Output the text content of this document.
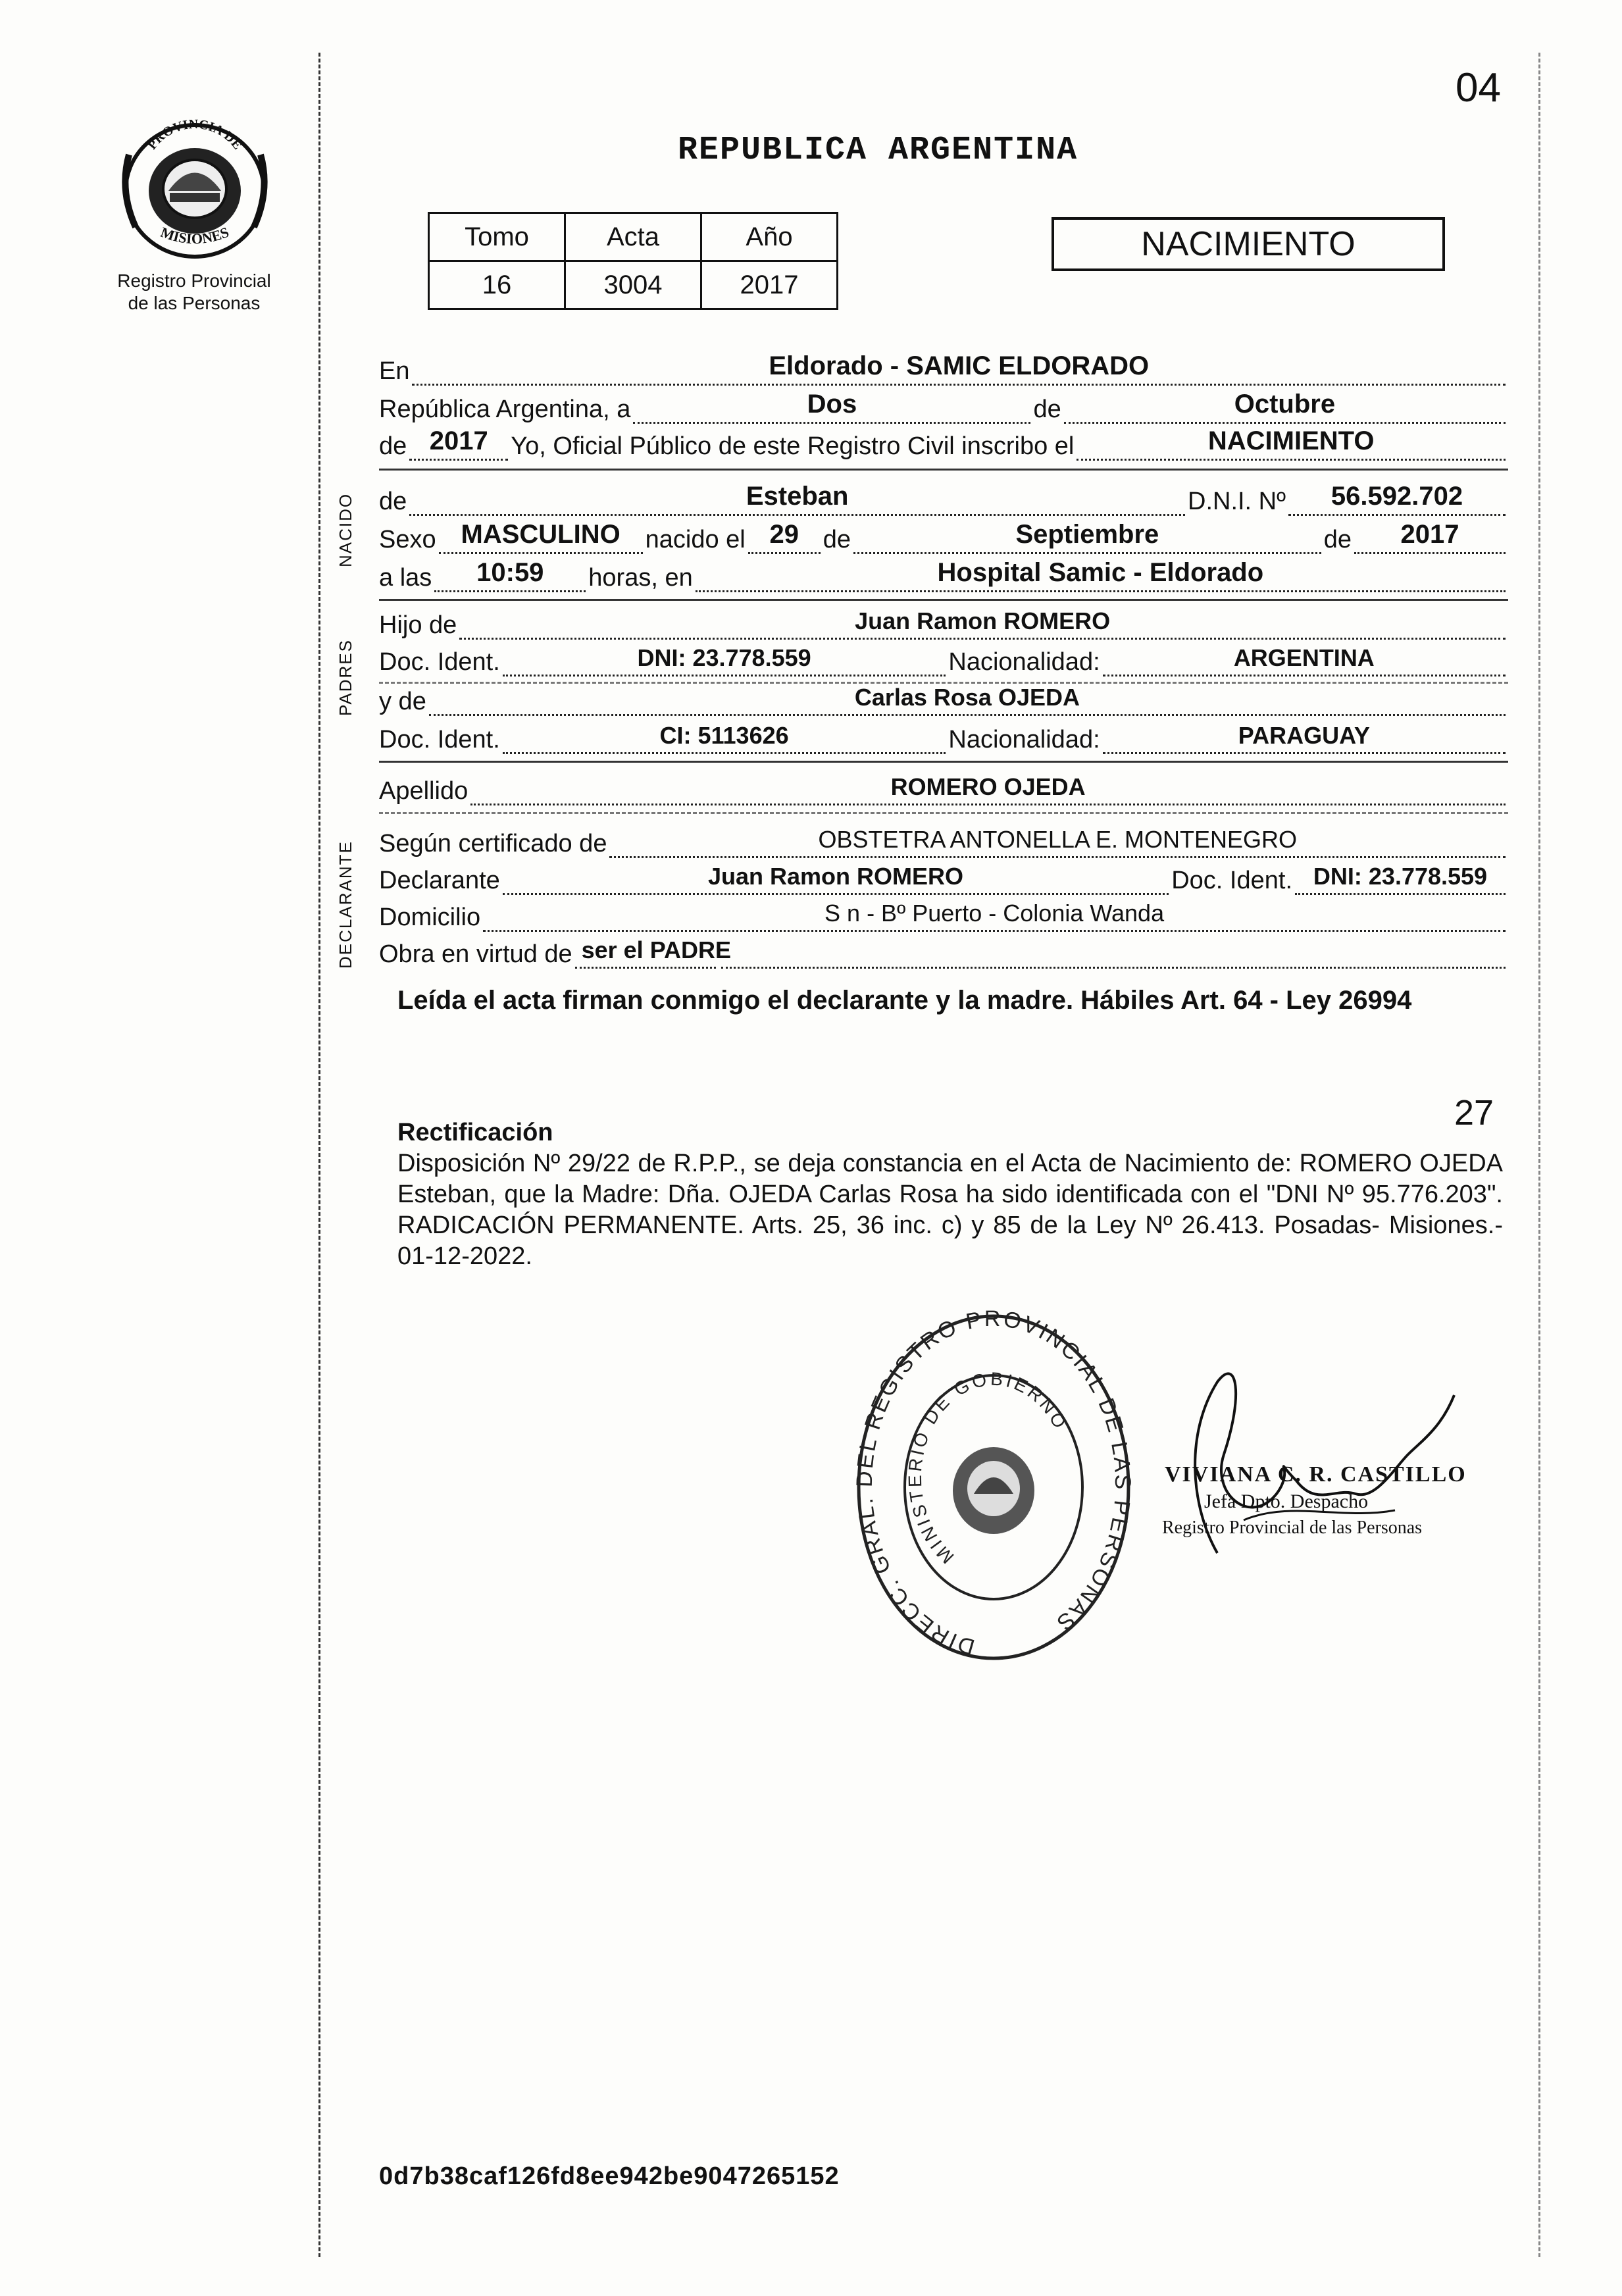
04
PROVINCIA DE
MISIONES
Registro Provincial
de las Personas
REPUBLICA ARGENTINA
Tomo	Acta	Año
16	3004	2017
NACIMIENTO
En	Eldorado - SAMIC ELDORADO
República Argentina, a	Dos	de	Octubre
de 2017 Yo, Oficial Público de este Registro Civil inscribo el	NACIMIENTO
NACIDO de	Esteban	D.N.I. Nº	56.592.702
Sexo MASCULINO nacido el 29 de	Septiembre	de	2017
a las	10:59	horas, en	Hospital Samic - Eldorado
PADRES
Hijo de	Juan Ramon ROMERO
Doc. Ident.	DNI: 23.778.559	Nacionalidad:	ARGENTINA
y de	Carlas Rosa OJEDA
Doc. Ident.	CI: 5113626	Nacionalidad:	PARAGUAY
Apellido	ROMERO OJEDA
DECLARANTE Según certificado de	OBSTETRA ANTONELLA E. MONTENEGRO
Declarante	Juan Ramon ROMERO	Doc. Ident. DNI: 23.778.559
Domicilio	S n - Bº Puerto - Colonia Wanda
Obra en virtud de ser el PADRE
Leída el acta firman conmigo el declarante y la madre. Hábiles Art. 64 - Ley 26994
27
Rectificación
Disposición Nº 29/22 de R.P.P., se deja constancia en el Acta de Nacimiento de: ROMERO OJEDA Esteban, que la Madre: Dña. OJEDA Carlas Rosa ha sido identificada con el "DNI Nº 95.776.203". RADICACIÓN PERMANENTE. Arts. 25, 36 inc. c) y 85 de la Ley Nº 26.413. Posadas- Misiones.- 01-12-2022.
DIRECC. GRAL. DEL REGISTRO PROVINCIAL DE LAS PERSONAS
MINISTERIO DE GOBIERNO
VIVIANA C. R. CASTILLO
Jefa Dpto. Despacho
Registro Provincial de las Personas
0d7b38caf126fd8ee942be9047265152
